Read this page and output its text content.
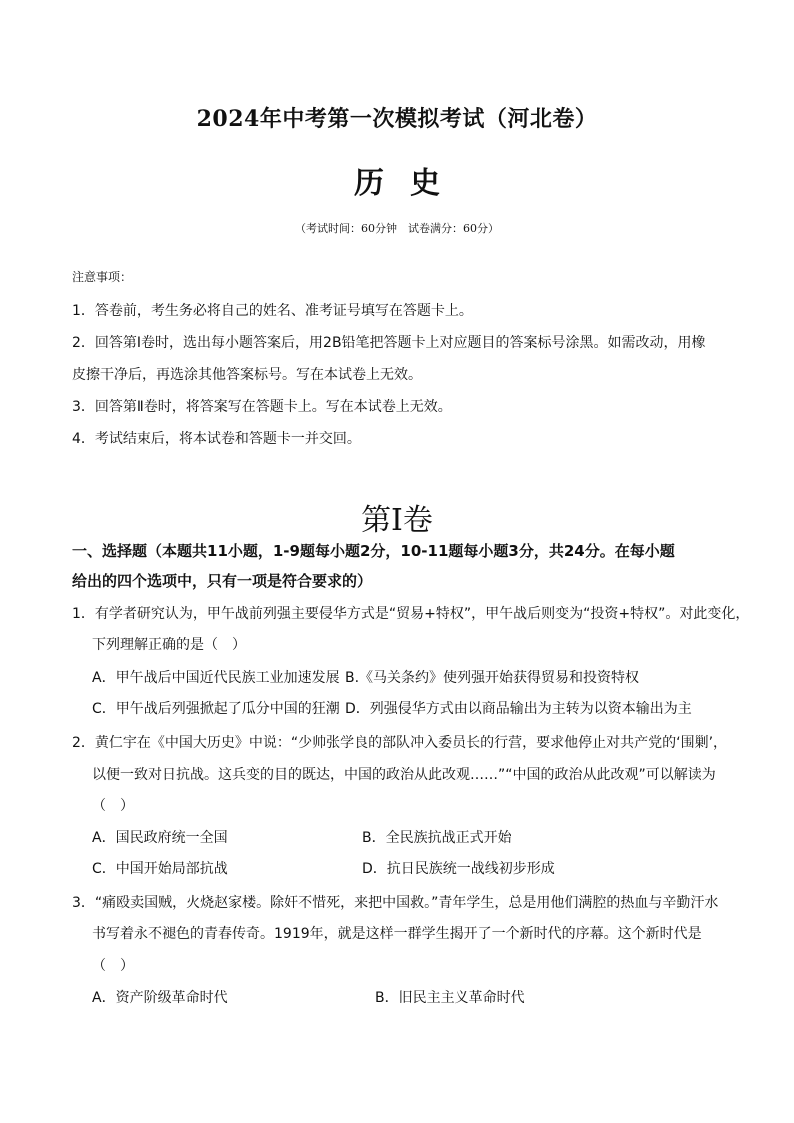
2024年中考第一次模拟考试（河北卷）
历史
（考试时间：60分钟　试卷满分：60分）
注意事项：
1．答卷前，考生务必将自己的姓名、准考证号填写在答题卡上。
2．回答第Ⅰ卷时，选出每小题答案后，用2B铅笔把答题卡上对应题目的答案标号涂黑。如需改动，用橡
皮擦干净后，再选涂其他答案标号。写在本试卷上无效。
3．回答第Ⅱ卷时，将答案写在答题卡上。写在本试卷上无效。
4．考试结束后，将本试卷和答题卡一并交回。
第Ⅰ卷
一、选择题（本题共11小题，1-9题每小题2分，10-11题每小题3分，共24分。在每小题
给出的四个选项中，只有一项是符合要求的）
1．有学者研究认为，甲午战前列强主要侵华方式是“贸易+特权”，甲午战后则变为“投资+特权”。对此变化，
下列理解正确的是（　）
A．甲午战后中国近代民族工业加速发展 B.《马关条约》使列强开始获得贸易和投资特权
C．甲午战后列强掀起了瓜分中国的狂潮 D．列强侵华方式由以商品输出为主转为以资本输出为主
2．黄仁宇在《中国大历史》中说：“少帅张学良的部队冲入委员长的行营，要求他停止对共产党的‘围剿’，
以便一致对日抗战。这兵变的目的既达，中国的政治从此改观……”“中国的政治从此改观”可以解读为
（　）
A．国民政府统一全国	B．全民族抗战正式开始
C．中国开始局部抗战	D．抗日民族统一战线初步形成
3．“痛殴卖国贼，火烧赵家楼。除奸不惜死，来把中国救。”青年学生，总是用他们满腔的热血与辛勤汗水
书写着永不褪色的青春传奇。1919年，就是这样一群学生揭开了一个新时代的序幕。这个新时代是
（　）
A．资产阶级革命时代	B．旧民主主义革命时代
